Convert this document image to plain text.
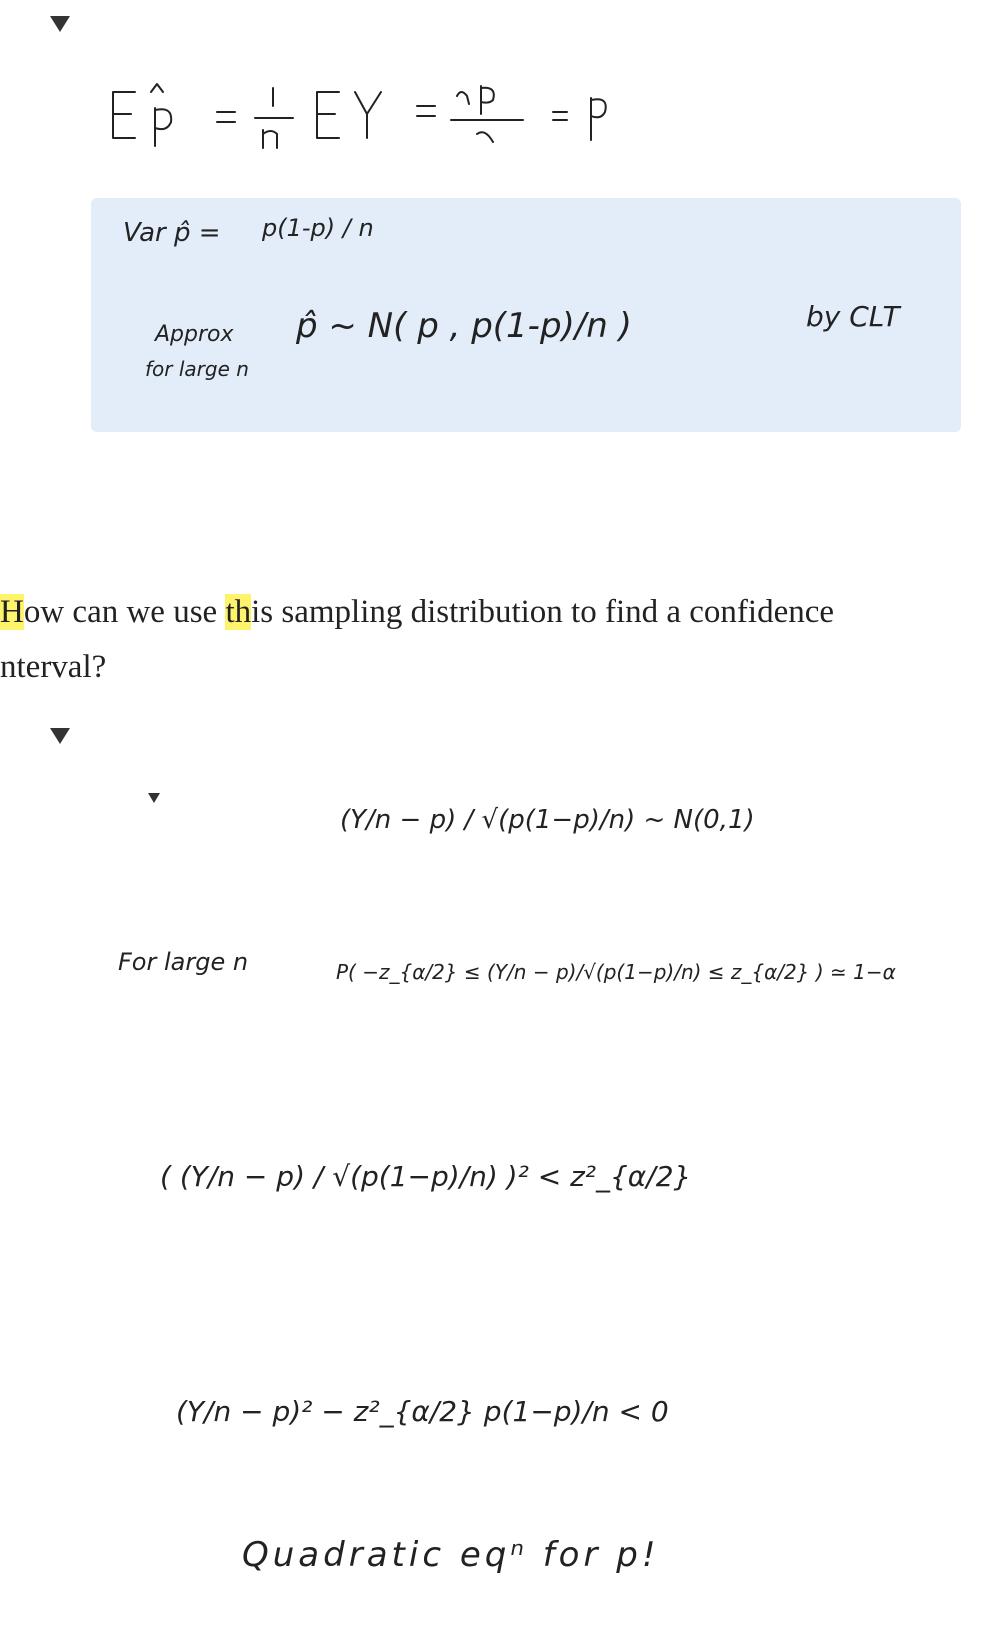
Var p̂ = p(1-p) / n
Approx
for large n
p̂ ~ N( p , p(1-p)/n )	by CLT
How can we use this sampling distribution to find a confidence
nterval?
(Y/n − p) / √(p(1−p)/n) ~ N(0,1)
For large n	P( −z_{α/2} ≤ (Y/n − p)/√(p(1−p)/n) ≤ z_{α/2} ) ≃ 1−α
( (Y/n − p) / √(p(1−p)/n) )² < z²_{α/2}
(Y/n − p)² − z²_{α/2} p(1−p)/n < 0
Quadratic eqⁿ for p!
